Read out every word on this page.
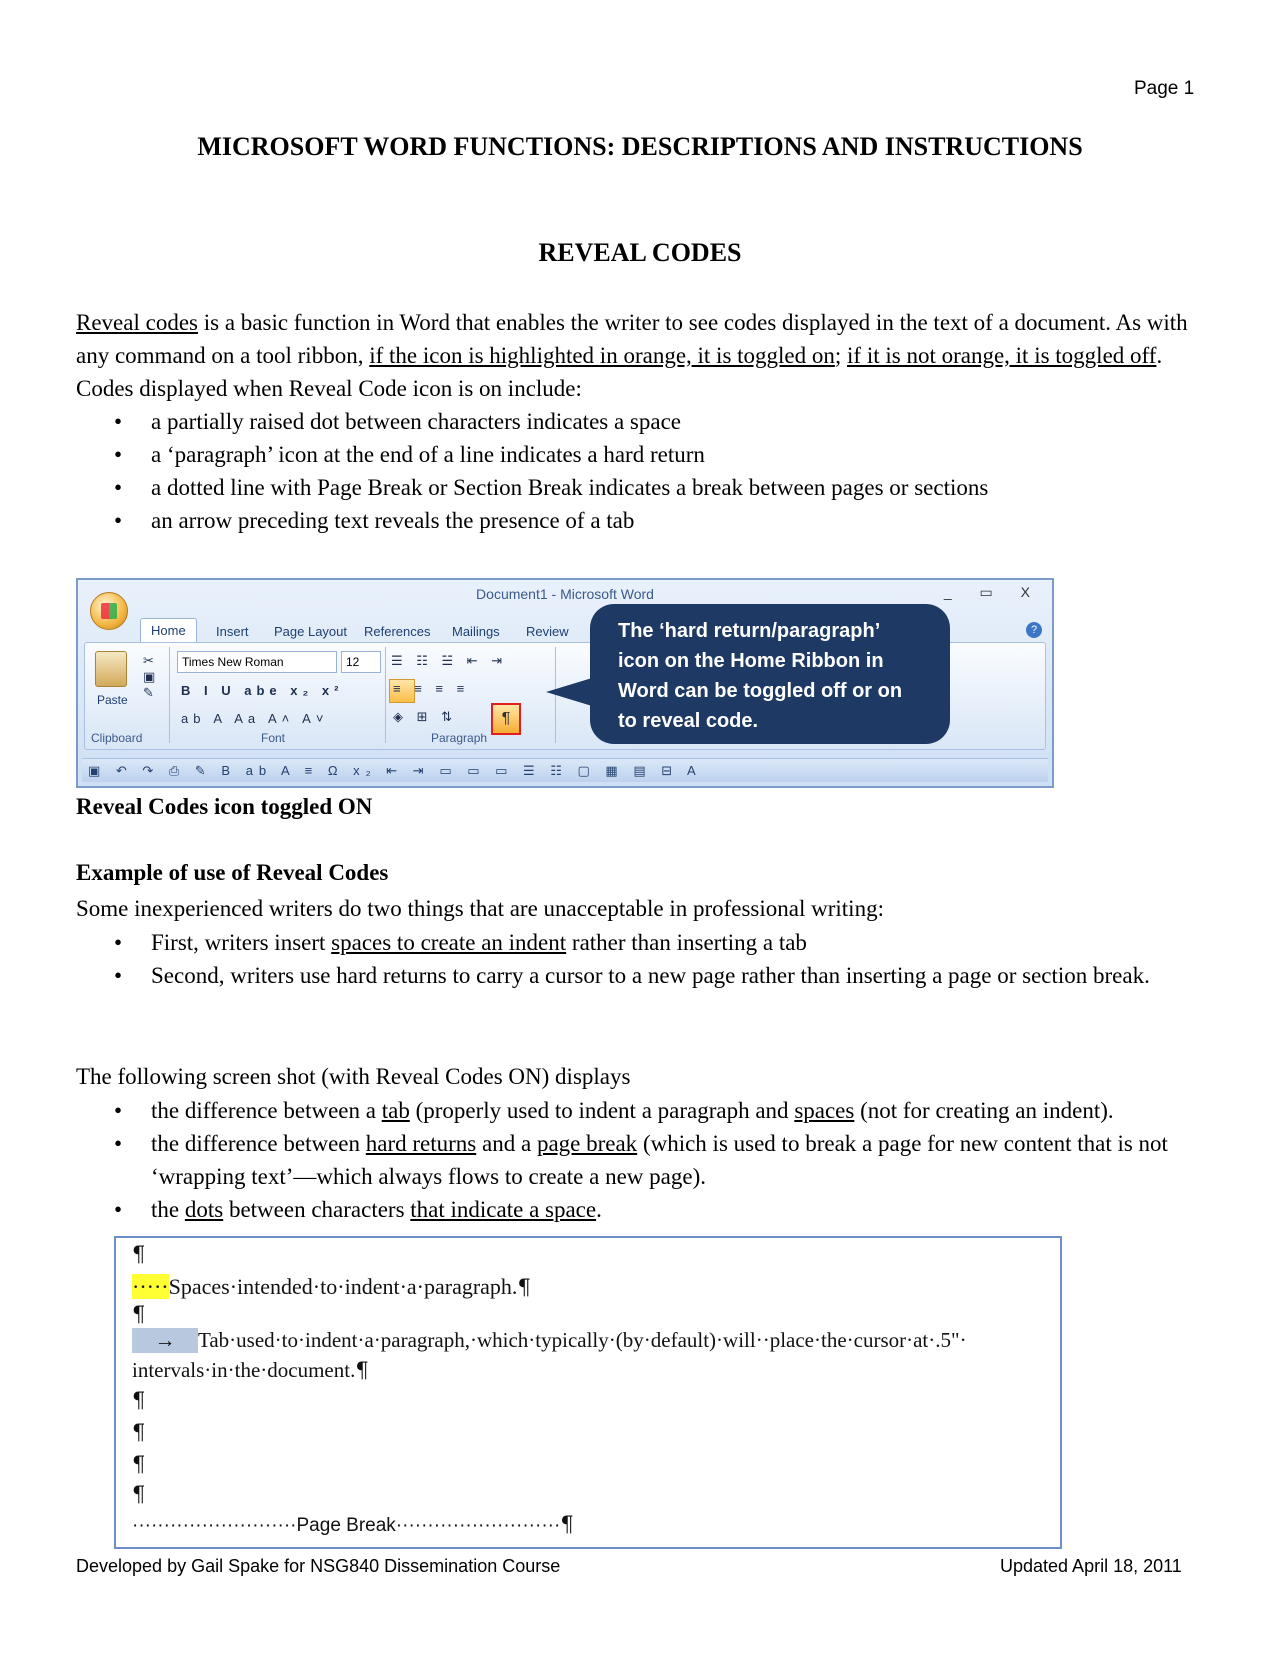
Page 1
MICROSOFT WORD FUNCTIONS: DESCRIPTIONS AND INSTRUCTIONS
REVEAL CODES
Reveal codes is a basic function in Word that enables the writer to see codes displayed in the text of a document. As with any command on a tool ribbon, if the icon is highlighted in orange, it is toggled on; if it is not orange, it is toggled off. Codes displayed when Reveal Code icon is on include:
• a partially raised dot between characters indicates a space
• a ‘paragraph’ icon at the end of a line indicates a hard return
• a dotted line with Page Break or Section Break indicates a break between pages or sections
• an arrow preceding text reveals the presence of a tab
Document1 - Microsoft Word	_ ▭ X
Home	Insert	Page Layout	References	Mailings	Review	?
Paste
✂
▣
✎
Clipboard
Times New Roman	12
B I U abe x₂ x²
ab A Aa A˄ A˅
Font
☰ ☷ ☱ ⇤ ⇥
≡ ≡ ≡ ≡
◈ ⊞ ⇅	¶
Paragraph
The ‘hard return/paragraph’ icon on the Home Ribbon in Word can be toggled off or on to reveal code.
▣ ↶ ↷ ⎙ ✎ B ab A ≡ Ω x₂ ⇤ ⇥ ▭ ▭ ▭ ☰ ☷ ▢ ▦ ▤ ⊟ A
Reveal Codes icon toggled ON
Example of use of Reveal Codes
Some inexperienced writers do two things that are unacceptable in professional writing:
• First, writers insert spaces to create an indent rather than inserting a tab
• Second, writers use hard returns to carry a cursor to a new page rather than inserting a page or section break.
The following screen shot (with Reveal Codes ON) displays
• the difference between a tab (properly used to indent a paragraph and spaces (not for creating an indent).
• the difference between hard returns and a page break (which is used to break a page for new content that is not ‘wrapping text’—which always flows to create a new page).
• the dots between characters that indicate a space.
¶
·····Spaces·intended·to·indent·a·paragraph.¶
¶
→ Tab·used·to·indent·a·paragraph,·which·typically·(by·default)·will··place·the·cursor·at·.5"·
intervals·in·the·document.¶
¶
¶
¶
¶
··························Page Break··························¶
Developed by Gail Spake for NSG840 Dissemination Course	Updated April 18, 2011
